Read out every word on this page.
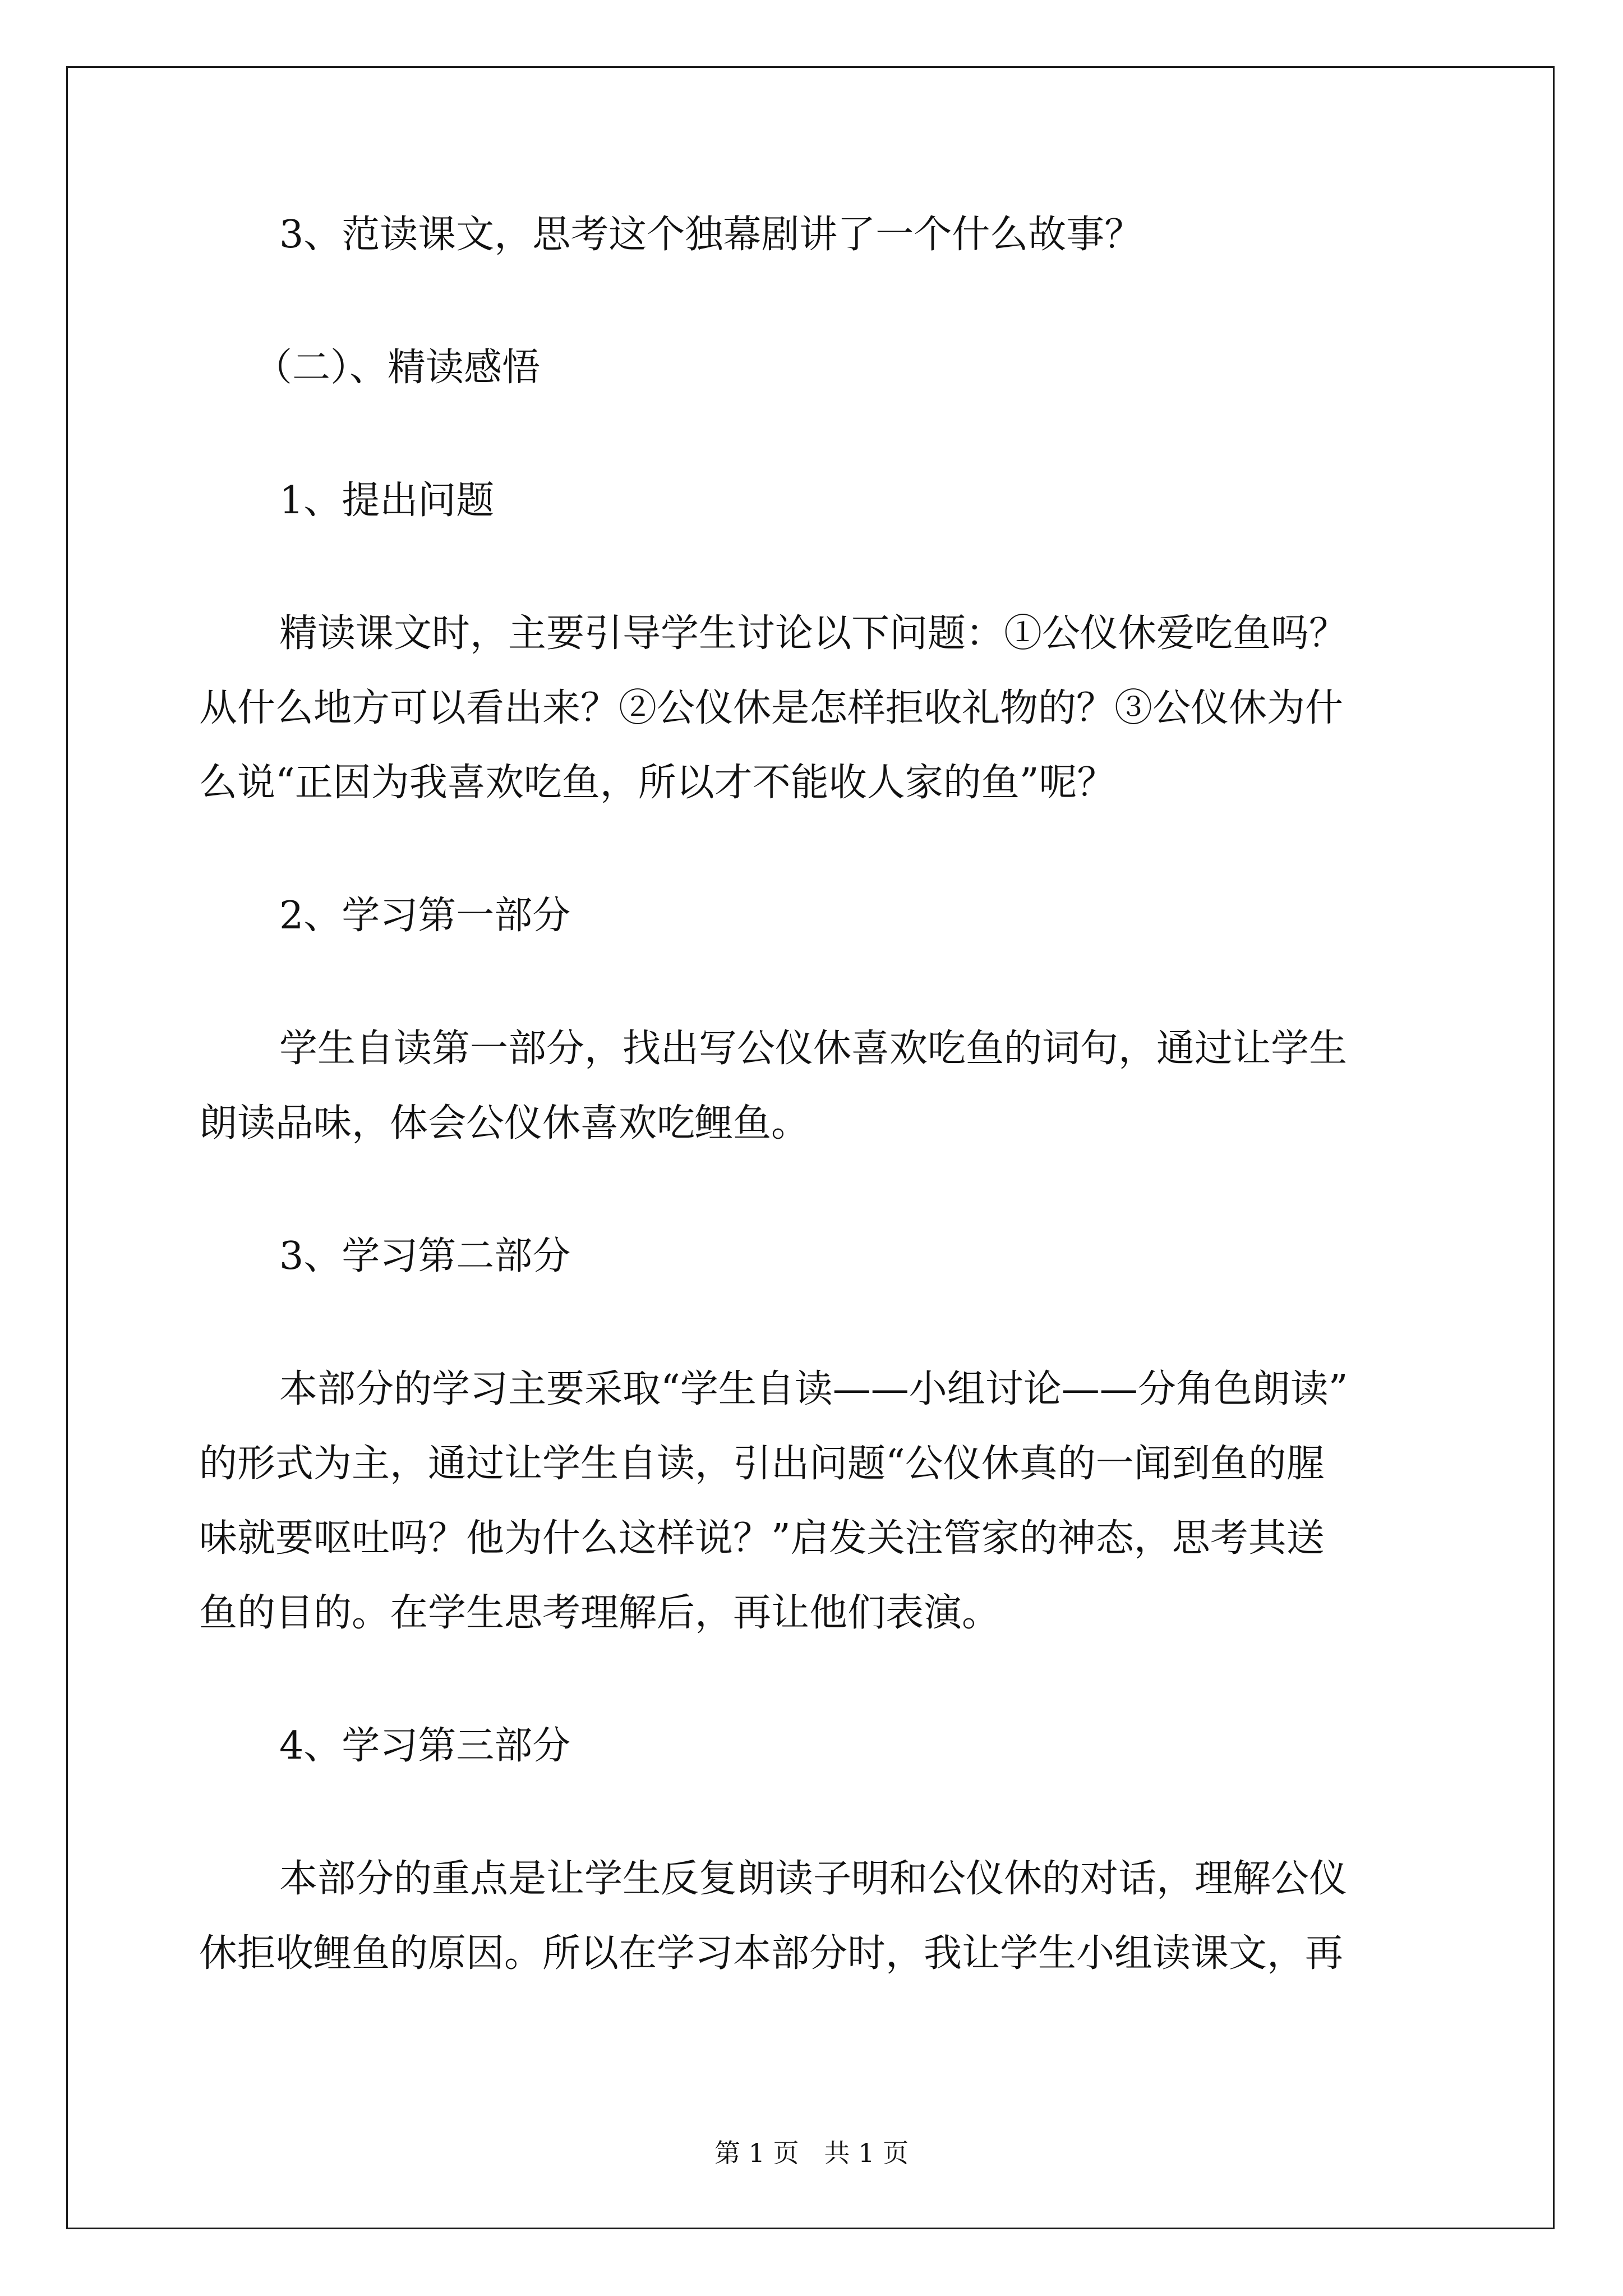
3、范读课文，思考这个独幕剧讲了一个什么故事？
（二）、精读感悟
1、提出问题
精读课文时，主要引导学生讨论以下问题：①公仪休爱吃鱼吗？
从什么地方可以看出来？②公仪休是怎样拒收礼物的？③公仪休为什
么说“正因为我喜欢吃鱼，所以才不能收人家的鱼”呢？
2、学习第一部分
学生自读第一部分，找出写公仪休喜欢吃鱼的词句，通过让学生
朗读品味，体会公仪休喜欢吃鲤鱼。
3、学习第二部分
本部分的学习主要采取“学生自读——小组讨论——分角色朗读”
的形式为主，通过让学生自读，引出问题“公仪休真的一闻到鱼的腥
味就要呕吐吗？他为什么这样说？”启发关注管家的神态，思考其送
鱼的目的。在学生思考理解后，再让他们表演。
4、学习第三部分
本部分的重点是让学生反复朗读子明和公仪休的对话，理解公仪
休拒收鲤鱼的原因。所以在学习本部分时，我让学生小组读课文，再
第 1 页 共 1 页
